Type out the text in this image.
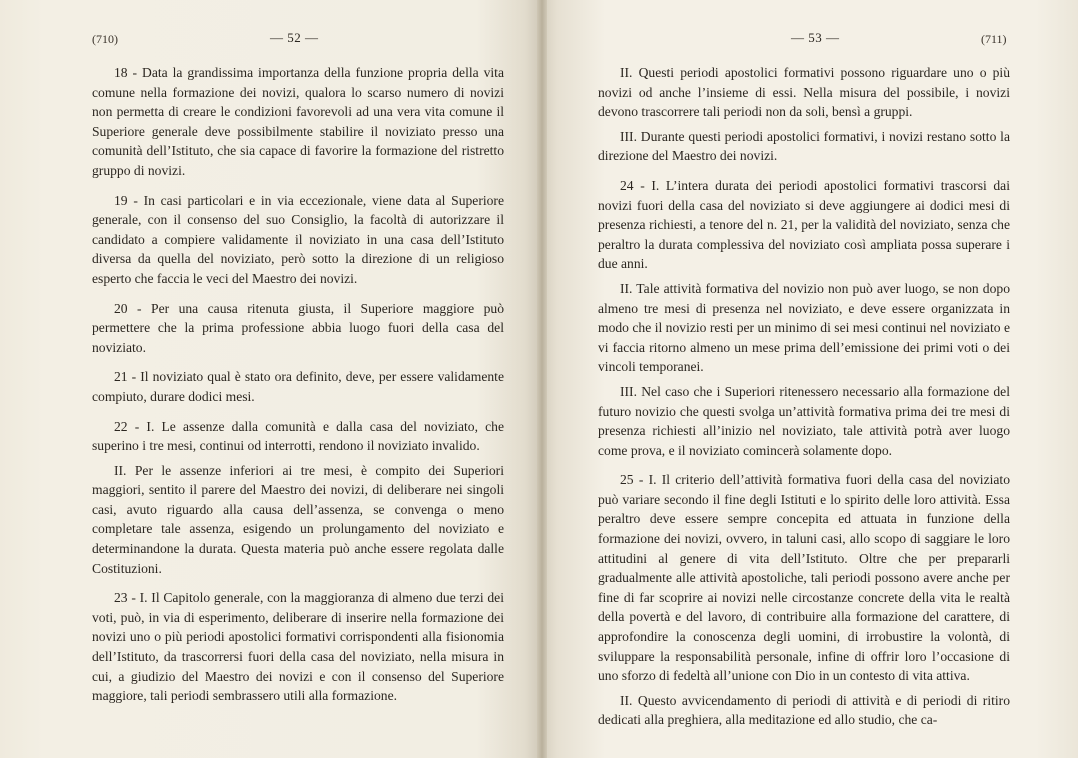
(710)	— 52 —

18 - Data la grandissima importanza della funzione propria della vita comune nella formazione dei novizi, qualora lo scarso numero di novizi non permetta di creare le condizioni favorevoli ad una vera vita comune il Superiore generale deve possibilmente stabilire il noviziato presso una comunità dell’Istituto, che sia capace di favorire la formazione del ristretto gruppo di novizi.

19 - In casi particolari e in via eccezionale, viene data al Superiore generale, con il consenso del suo Consiglio, la facoltà di autorizzare il candidato a compiere validamente il noviziato in una casa dell’Istituto diversa da quella del noviziato, però sotto la direzione di un religioso esperto che faccia le veci del Maestro dei novizi.

20 - Per una causa ritenuta giusta, il Superiore maggiore può permettere che la prima professione abbia luogo fuori della casa del noviziato.

21 - Il noviziato qual è stato ora definito, deve, per essere validamente compiuto, durare dodici mesi.

22 - I. Le assenze dalla comunità e dalla casa del noviziato, che superino i tre mesi, continui od interrotti, rendono il noviziato invalido.

II. Per le assenze inferiori ai tre mesi, è compito dei Superiori maggiori, sentito il parere del Maestro dei novizi, di deliberare nei singoli casi, avuto riguardo alla causa dell’assenza, se convenga o meno completare tale assenza, esigendo un prolungamento del noviziato e determinandone la durata. Questa materia può anche essere regolata dalle Costituzioni.

23 - I. Il Capitolo generale, con la maggioranza di almeno due terzi dei voti, può, in via di esperimento, deliberare di inserire nella formazione dei novizi uno o più periodi apostolici formativi corrispondenti alla fisionomia dell’Istituto, da trascorrersi fuori della casa del noviziato, nella misura in cui, a giudizio del Maestro dei novizi e con il consenso del Superiore maggiore, tali periodi sembrassero utili alla formazione.

— 53 —	(711)

II. Questi periodi apostolici formativi possono riguardare uno o più novizi od anche l’insieme di essi. Nella misura del possibile, i novizi devono trascorrere tali periodi non da soli, bensì a gruppi.

III. Durante questi periodi apostolici formativi, i novizi restano sotto la direzione del Maestro dei novizi.

24 - I. L’intera durata dei periodi apostolici formativi trascorsi dai novizi fuori della casa del noviziato si deve aggiungere ai dodici mesi di presenza richiesti, a tenore del n. 21, per la validità del noviziato, senza che peraltro la durata complessiva del noviziato così ampliata possa superare i due anni.

II. Tale attività formativa del novizio non può aver luogo, se non dopo almeno tre mesi di presenza nel noviziato, e deve essere organizzata in modo che il novizio resti per un minimo di sei mesi continui nel noviziato e vi faccia ritorno almeno un mese prima dell’emissione dei primi voti o dei vincoli temporanei.

III. Nel caso che i Superiori ritenessero necessario alla formazione del futuro novizio che questi svolga un’attività formativa prima dei tre mesi di presenza richiesti all’inizio nel noviziato, tale attività potrà aver luogo come prova, e il noviziato comincerà solamente dopo.

25 - I. Il criterio dell’attività formativa fuori della casa del noviziato può variare secondo il fine degli Istituti e lo spirito delle loro attività. Essa peraltro deve essere sempre concepita ed attuata in funzione della formazione dei novizi, ovvero, in taluni casi, allo scopo di saggiare le loro attitudini al genere di vita dell’Istituto. Oltre che per prepararli gradualmente alle attività apostoliche, tali periodi possono avere anche per fine di far scoprire ai novizi nelle circostanze concrete della vita le realtà della povertà e del lavoro, di contribuire alla formazione del carattere, di approfondire la conoscenza degli uomini, di irrobustire la volontà, di sviluppare la responsabilità personale, infine di offrir loro l’occasione di uno sforzo di fedeltà all’unione con Dio in un contesto di vita attiva.

II. Questo avvicendamento di periodi di attività e di periodi di ritiro dedicati alla preghiera, alla meditazione ed allo studio, che ca-
